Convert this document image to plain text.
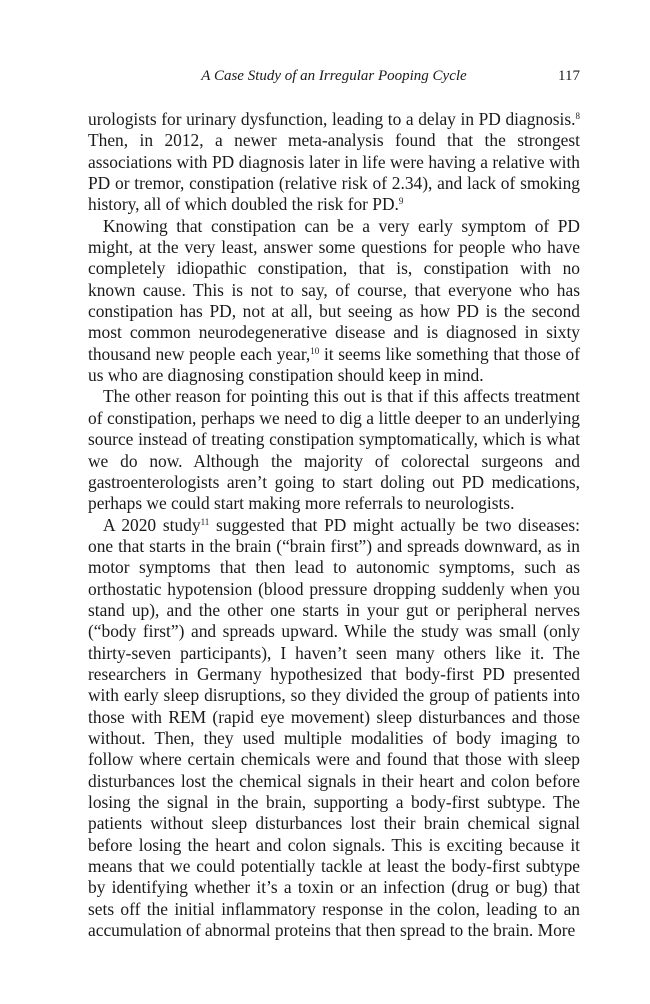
A Case Study of an Irregular Pooping Cycle	117

urologists for urinary dysfunction, leading to a delay in PD diagnosis.$^8$ Then, in 2012, a newer meta-analysis found that the strongest associations with PD diagnosis later in life were having a relative with PD or tremor, constipation (relative risk of 2.34), and lack of smoking history, all of which doubled the risk for PD.$^9$

Knowing that constipation can be a very early symptom of PD might, at the very least, answer some questions for people who have completely idiopathic constipation, that is, constipation with no known cause. This is not to say, of course, that everyone who has constipation has PD, not at all, but seeing as how PD is the second most common neurodegenerative disease and is diagnosed in sixty thousand new people each year,$^{10}$ it seems like something that those of us who are diagnosing constipation should keep in mind.

The other reason for pointing this out is that if this affects treatment of constipation, perhaps we need to dig a little deeper to an underlying source instead of treating constipation symptomatically, which is what we do now. Although the majority of colorectal surgeons and gastroenterologists aren’t going to start doling out PD medications, perhaps we could start making more referrals to neurologists.

A 2020 study$^{11}$ suggested that PD might actually be two diseases: one that starts in the brain (“brain first”) and spreads downward, as in motor symptoms that then lead to autonomic symptoms, such as orthostatic hypotension (blood pressure dropping suddenly when you stand up), and the other one starts in your gut or peripheral nerves (“body first”) and spreads upward. While the study was small (only thirty-seven participants), I haven’t seen many others like it. The researchers in Germany hypothesized that body-first PD presented with early sleep disruptions, so they divided the group of patients into those with REM (rapid eye movement) sleep disturbances and those without. Then, they used multiple modalities of body imaging to follow where certain chemicals were and found that those with sleep disturbances lost the chemical signals in their heart and colon before losing the signal in the brain, supporting a body-first subtype. The patients without sleep disturbances lost their brain chemical signal before losing the heart and colon signals. This is exciting because it means that we could potentially tackle at least the body-first subtype by identifying whether it’s a toxin or an infection (drug or bug) that sets off the initial inflammatory response in the colon, leading to an accumulation of abnormal proteins that then spread to the brain. More
